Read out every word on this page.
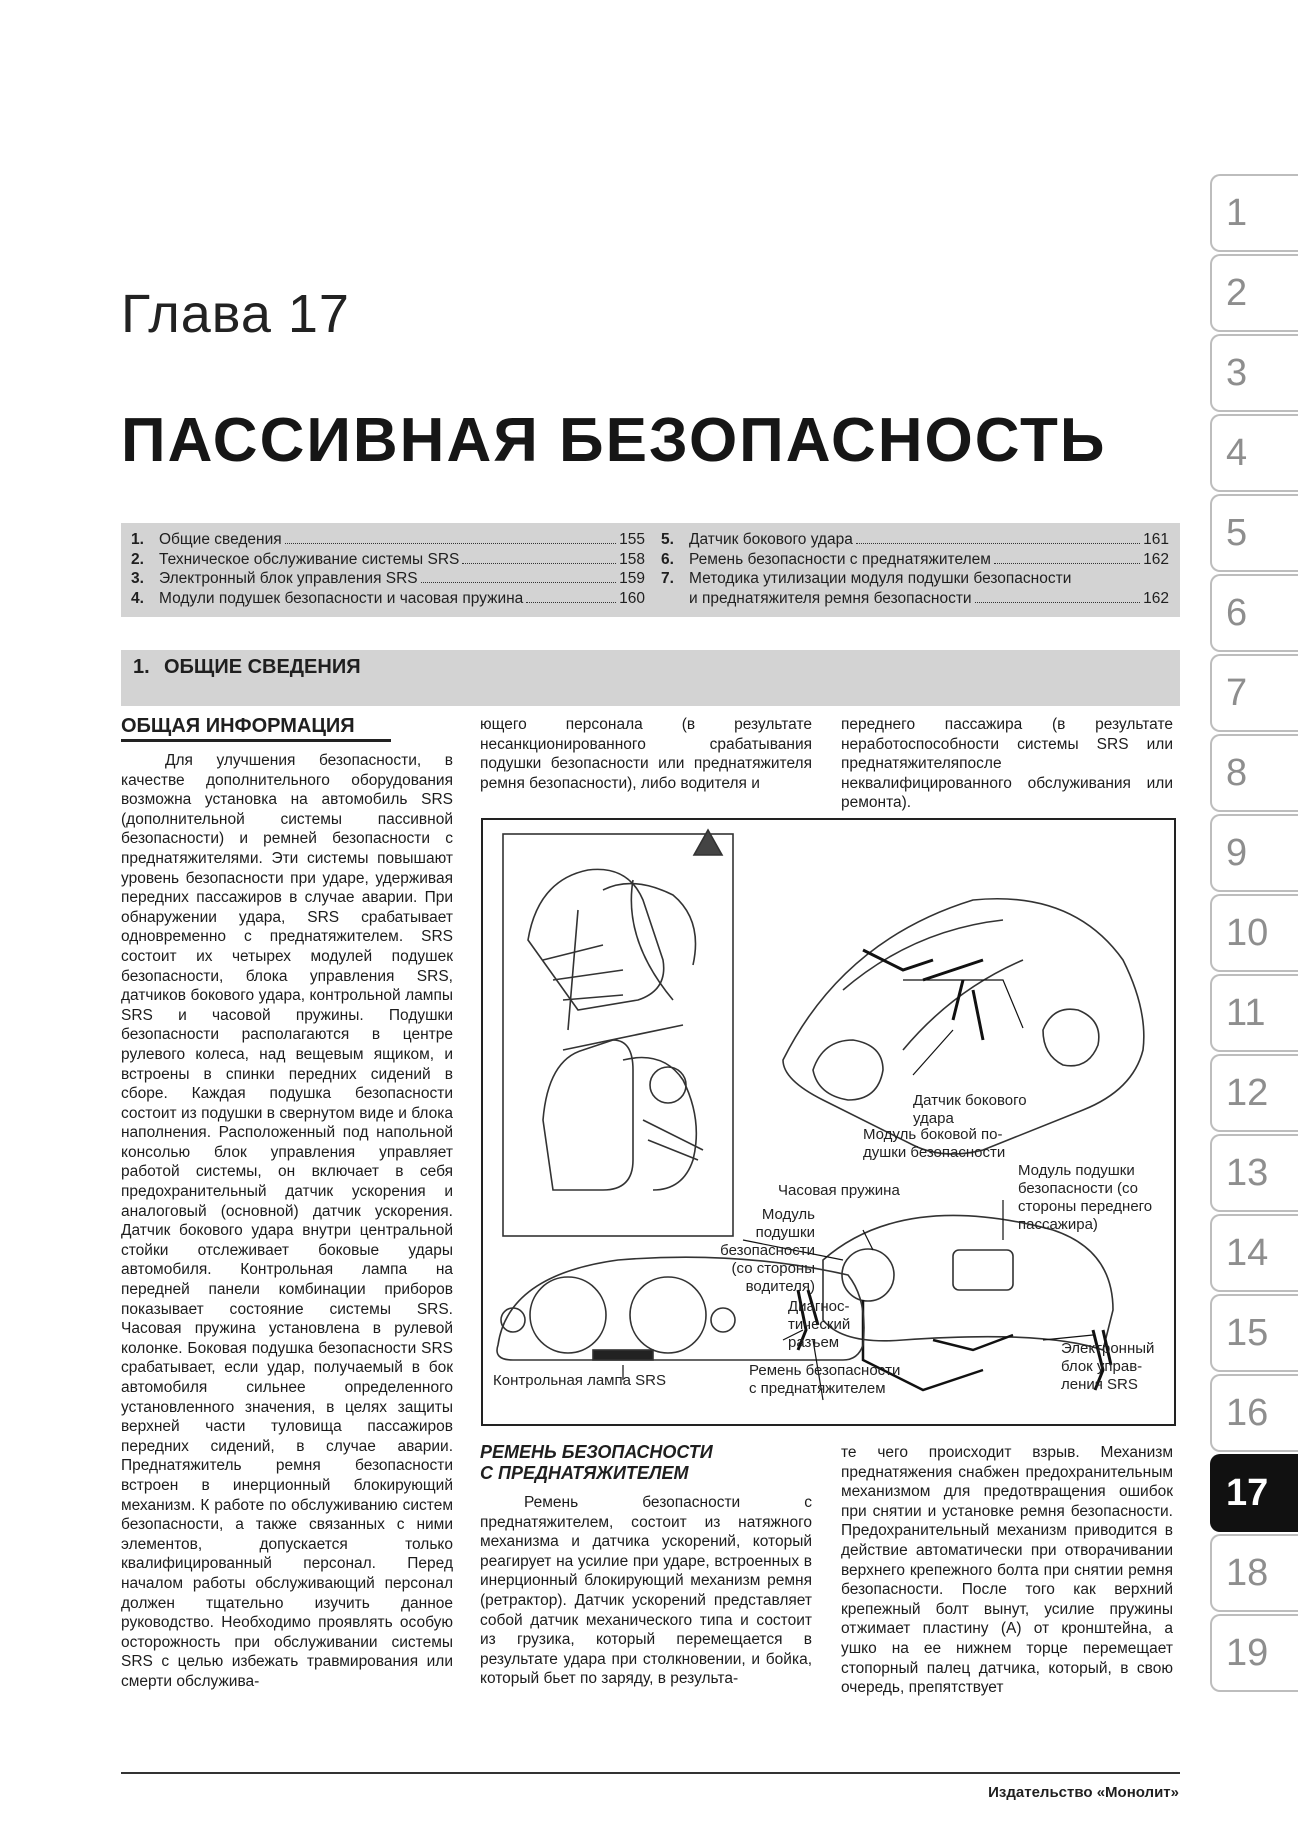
Глава 17
ПАССИВНАЯ БЕЗОПАСНОСТЬ
1. Общие сведения	155
2. Техническое обслуживание системы SRS	158
3. Электронный блок управления SRS	159
4. Модули подушек безопасности и часовая пружина	160
5. Датчик бокового удара	161
6. Ремень безопасности с преднатяжителем	162
7. Методика утилизации модуля подушки безопасности
и преднатяжителя ремня безопасности	162
1. ОБЩИЕ СВЕДЕНИЯ
ОБЩАЯ ИНФОРМАЦИЯ
Для улучшения безопасности, в качестве дополнительного оборудования возможна установка на автомобиль SRS (дополнительной системы пассивной безопасности) и ремней безопасности с преднатяжителями. Эти системы повышают уровень безопасности при ударе, удерживая передних пассажиров в случае аварии. При обнаружении удара, SRS срабатывает одновременно с преднатяжителем. SRS состоит их четырех модулей подушек безопасности, блока управления SRS, датчиков бокового удара, контрольной лампы SRS и часовой пружины. Подушки безопасности располагаются в центре рулевого колеса, над вещевым ящиком, и встроены в спинки передних сидений в сборе. Каждая подушка безопасности состоит из подушки в свернутом виде и блока наполнения. Расположенный под напольной консолью блок управления управляет работой системы, он включает в себя предохранительный датчик ускорения и аналоговый (основной) датчик ускорения. Датчик бокового удара внутри центральной стойки отслеживает боковые удары автомобиля. Контрольная лампа на передней панели комбинации приборов показывает состояние системы SRS. Часовая пружина установлена в рулевой колонке. Боковая подушка безопасности SRS срабатывает, если удар, получаемый в бок автомобиля сильнее определенного установленного значения, в целях защиты верхней части туловища пассажиров передних сидений, в случае аварии. Преднатяжитель ремня безопасности встроен в инерционный блокирующий механизм. К работе по обслуживанию систем безопасности, а также связанных с ними элементов, допускается только квалифицированный персонал. Перед началом работы обслуживающий персонал должен тщательно изучить данное руководство. Необходимо проявлять особую осторожность при обслуживании системы SRS с целью избежать травмирования или смерти обслужива-
ющего персонала (в результате несанкционированного срабатывания подушки безопасности или преднатяжителя ремня безопасности), либо водителя и
переднего пассажира (в результате неработоспособности системы SRS или преднатяжителяпосле неквалифицированного обслуживания или ремонта).
Датчик бокового
удара
Модуль боковой по-
душки безопасности
Модуль подушки
безопасности (со
стороны переднего
пассажира)
Часовая пружина
Модуль
подушки
безопасности
(со стороны
водителя)
Диагнос-
тический
разъем	Электронный
блок управ-
ления SRS
Ремень безопасности
с преднатяжителем
Контрольная лампа SRS
РЕМЕНЬ БЕЗОПАСНОСТИ
С ПРЕДНАТЯЖИТЕЛЕМ
Ремень безопасности с преднатяжителем, состоит из натяжного механизма и датчика ускорений, который реагирует на усилие при ударе, встроенных в инерционный блокирующий механизм ремня (ретрактор). Датчик ускорений представляет собой датчик механического типа и состоит из грузика, который перемещается в результате удара при столкновении, и бойка, который бьет по заряду, в результа-
те чего происходит взрыв. Механизм преднатяжения снабжен предохранительным механизмом для предотвращения ошибок при снятии и установке ремня безопасности. Предохранительный механизм приводится в действие автоматически при отворачивании верхнего крепежного болта при снятии ремня безопасности. После того как верхний крепежный болт вынут, усилие пружины отжимает пластину (А) от кронштейна, а ушко на ее нижнем торце перемещает стопорный палец датчика, который, в свою очередь, препятствует
1
2
3
4
5
6
7
8
9
10
11
12
13
14
15
16
17
18
19
Издательство «Монолит»
